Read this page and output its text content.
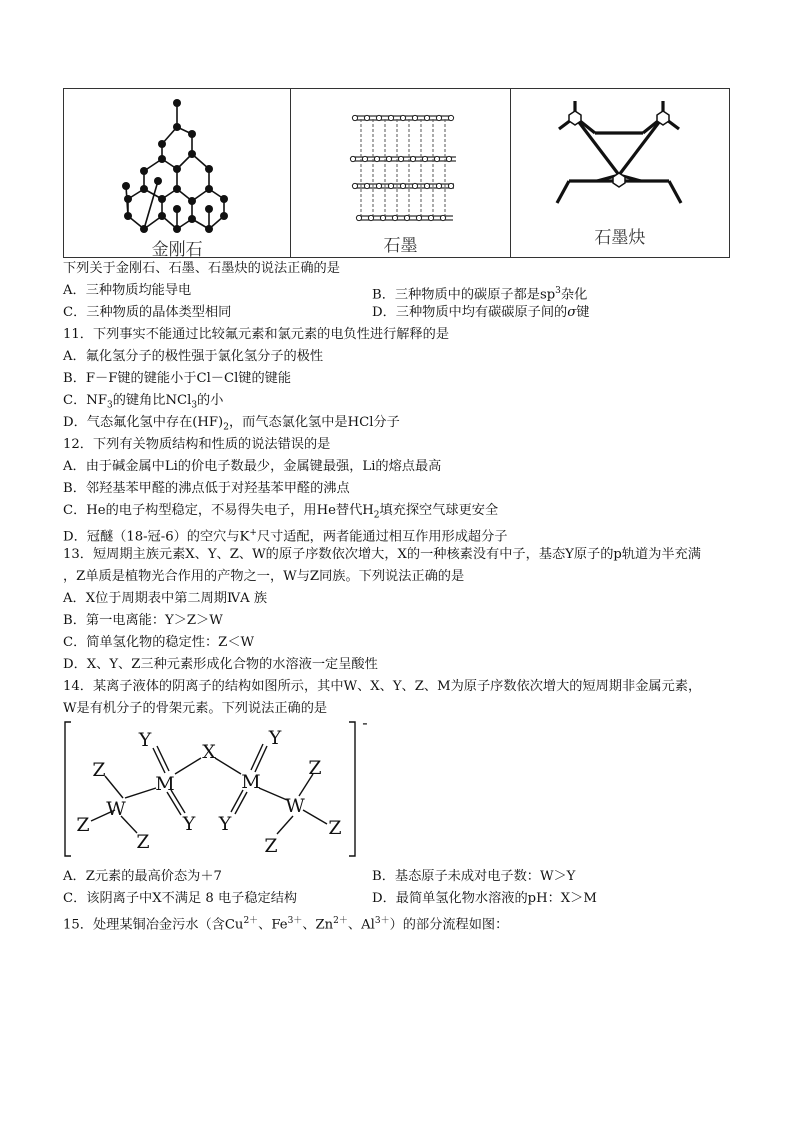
金刚石	石墨	石墨炔
下列关于金刚石、石墨、石墨炔的说法正确的是
A．三种物质均能导电	B．三种物质中的碳原子都是$sp^3$杂化
C．三种物质的晶体类型相同	D．三种物质中均有碳碳原子间的σ键
11．下列事实不能通过比较氟元素和氯元素的电负性进行解释的是
A．氟化氢分子的极性强于氯化氢分子的极性
B．F－F键的键能小于Cl－Cl键的键能
C．$NF_3$的键角比NCl$_3$的小
D．气态氟化氢中存在$(HF)_2$，而气态氯化氢中是HCl分子
12．下列有关物质结构和性质的说法错误的是
A．由于碱金属中Li的价电子数最少，金属键最强，Li的熔点最高
B．邻羟基苯甲醛的沸点低于对羟基苯甲醛的沸点
C．He的电子构型稳定，不易得失电子，用He替代$H_2$填充探空气球更安全
D．冠醚（18-冠-6）的空穴与K+尺寸适配，两者能通过相互作用形成超分子
13．短周期主族元素X、Y、Z、W的原子序数依次增大，X的一种核素没有中子，基态Y原子的p轨道为半充满
，Z单质是植物光合作用的产物之一，W与Z同族。下列说法正确的是
A．X位于周期表中第二周期ⅣA 族
B．第一电离能：Y＞Z＞W
C．简单氢化物的稳定性：Z＜W
D．X、Y、Z三种元素形成化合物的水溶液一定呈酸性
14．某离子液体的阴离子的结构如图所示，其中W、X、Y、Z、M为原子序数依次增大的短周期非金属元素，
W是有机分子的骨架元素。下列说法正确的是
W
Z
Z
Z
M
Y
Y
X
M
Y
Y
W
Z
Z
Z
-
A．Z元素的最高价态为＋7	B．基态原子未成对电子数：W＞Y
C．该阴离子中X不满足 8 电子稳定结构	D．最简单氢化物水溶液的pH：X＞M
15．处理某铜冶金污水（含$Cu^{2+}$、$Fe^{3+}$、$Zn^{2+}$、$Al^{3+}$）的部分流程如图：
